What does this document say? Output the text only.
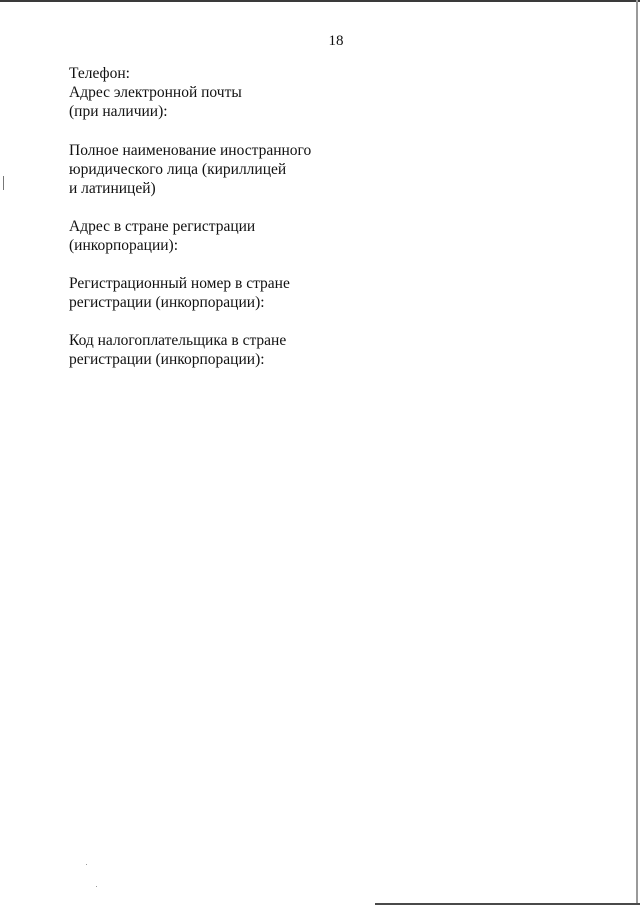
18
Телефон:
Адрес электронной почты
(при наличии):
Полное наименование иностранного
юридического лица (кириллицей
и латиницей)
Адрес в стране регистрации
(инкорпорации):
Регистрационный номер в стране
регистрации (инкорпорации):
Код налогоплательщика в стране
регистрации (инкорпорации):
